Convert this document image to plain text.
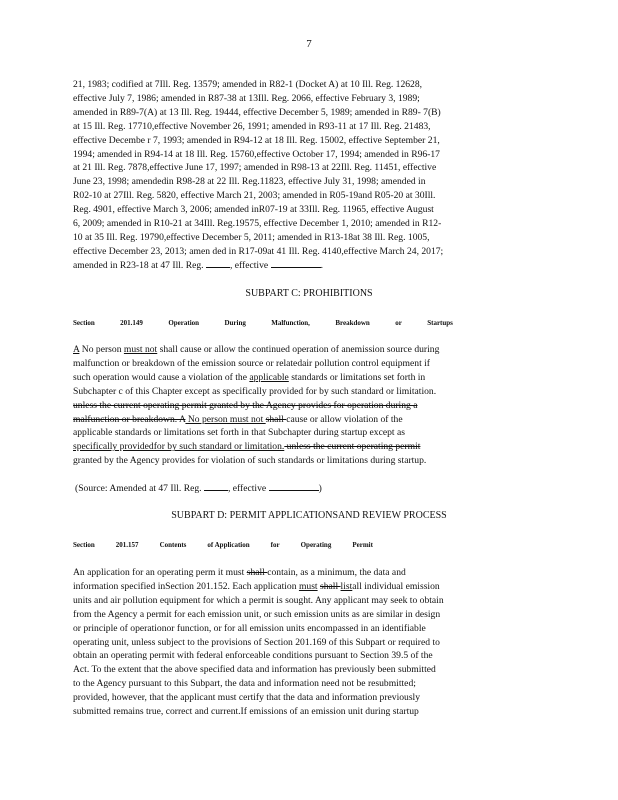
7
21, 1983; codified at 7Ill. Reg. 13579; amended in R82-1 (Docket A) at 10 Ill. Reg. 12628,
effective July 7, 1986; amended in R87-38 at 13Ill. Reg. 2066, effective February 3, 1989;
amended in R89-7(A) at 13 Ill. Reg. 19444, effective December 5, 1989; amended in R89- 7(B)
at 15 Ill. Reg. 17710,effective November 26, 1991; amended in R93-11 at 17 Ill. Reg. 21483,
effective Decembe r 7, 1993; amended in R94-12 at 18 Ill. Reg. 15002, effective September 21,
1994; amended in R94-14 at 18 Ill. Reg. 15760,effective October 17, 1994; amended in R96-17
at 21 Ill. Reg. 7878,effective June 17, 1997; amended in R98-13 at 22Ill. Reg. 11451, effective
June 23, 1998; amendedin R98-28 at 22 Ill. Reg.11823, effective July 31, 1998; amended in
R02-10 at 27Ill. Reg. 5820, effective March 21, 2003; amended in R05-19and R05-20 at 30Ill.
Reg. 4901, effective March 3, 2006; amended inR07-19 at 33Ill. Reg. 11965, effective August
6, 2009; amended in R10-21 at 34Ill. Reg.19575, effective December 1, 2010; amended in R12-
10 at 35 Ill. Reg. 19790,effective December 5, 2011; amended in R13-18at 38 Ill. Reg. 1005,
effective December 23, 2013; amen ded in R17-09at 41 Ill. Reg. 4140,effective March 24, 2017;
amended in R23-18 at 47 Ill. Reg.	, effective	.
SUBPART C: PROHIBITIONS
Section	201.149	Operation	During	Malfunction,	Breakdown	or	Startups
A No person must not shall cause or allow the continued operation of anemission source during
malfunction or breakdown of the emission source or relatedair pollution control equipment if
such operation would cause a violation of the applicable standards or limitations set forth in
Subchapter c of this Chapter except as specifically provided for by such standard or limitation.
unless the current operating permit granted by the Agency provides for operation during a
malfunction or breakdown. A No person must not shall cause or allow violation of the
applicable standards or limitations set forth in that Subchapter during startup except as
specifically providedfor by such standard or limitation. unless the current operating permit
granted by the Agency provides for violation of such standards or limitations during startup.
(Source: Amended at 47 Ill. Reg.	, effective	)
SUBPART D: PERMIT APPLICATIONSAND REVIEW PROCESS
Section	201.157	Contents	of Application	for	Operating	Permit
An application for an operating perm it must shall contain, as a minimum, the data and
information specified inSection 201.152. Each application must shall listall individual emission
units and air pollution equipment for which a permit is sought. Any applicant may seek to obtain
from the Agency a permit for each emission unit, or such emission units as are similar in design
or principle of operationor function, or for all emission units encompassed in an identifiable
operating unit, unless subject to the provisions of Section 201.169 of this Subpart or required to
obtain an operating permit with federal enforceable conditions pursuant to Section 39.5 of the
Act. To the extent that the above specified data and information has previously been submitted
to the Agency pursuant to this Subpart, the data and information need not be resubmitted;
provided, however, that the applicant must certify that the data and information previously
submitted remains true, correct and current.If emissions of an emission unit during startup
